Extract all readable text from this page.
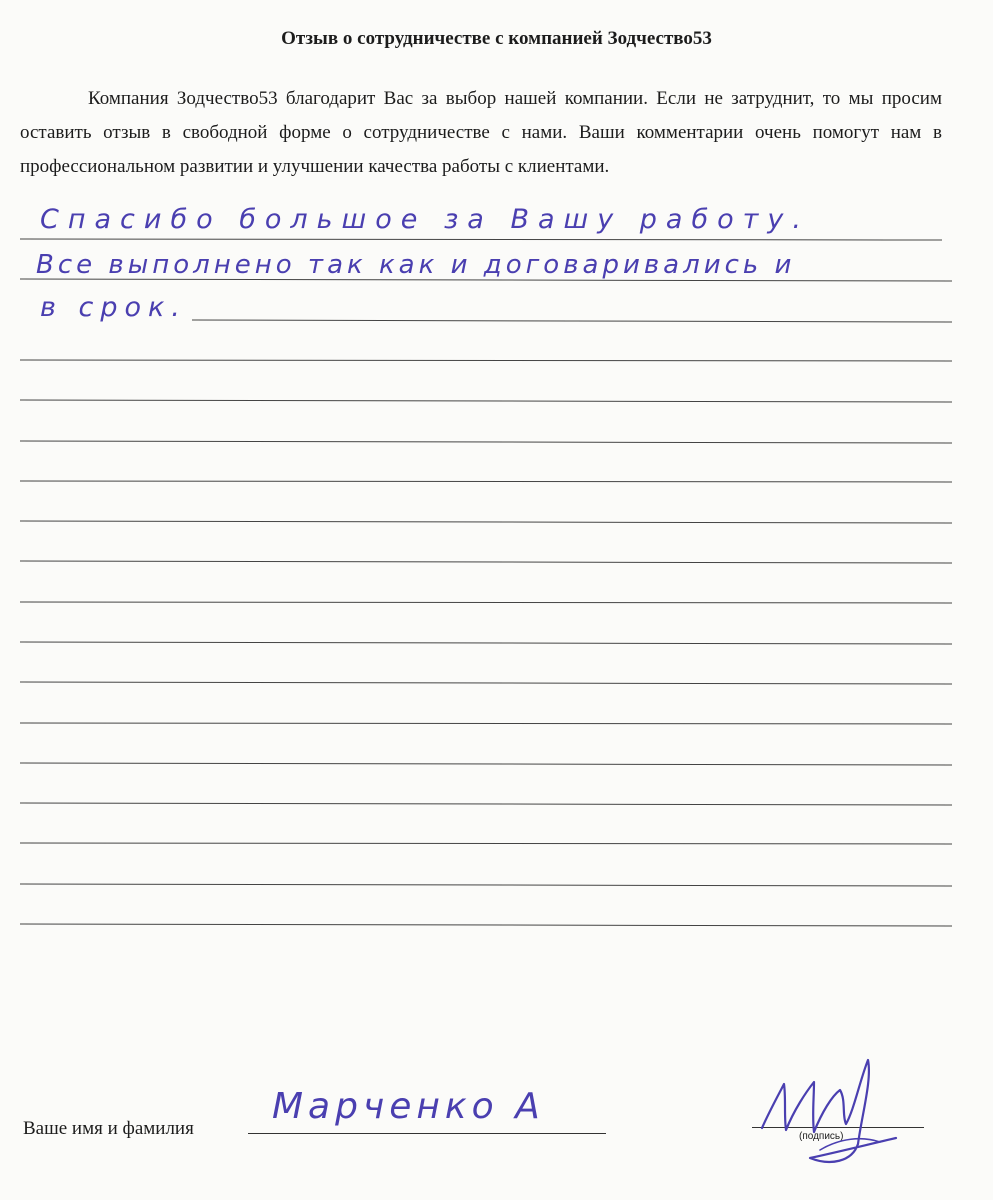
Отзыв о сотрудничестве с компанией Зодчество53

Компания Зодчество53 благодарит Вас за выбор нашей компании. Если не затруднит, то мы просим оставить отзыв в свободной форме о сотрудничестве с нами. Ваши комментарии очень помогут нам в профессиональном развитии и улучшении качества работы с клиентами.

Спасибо большое за Вашу работу.
Все выполнено так как и договаривались и
в срок.
Ваше имя и фамилия
Марченко А
(подпись)
